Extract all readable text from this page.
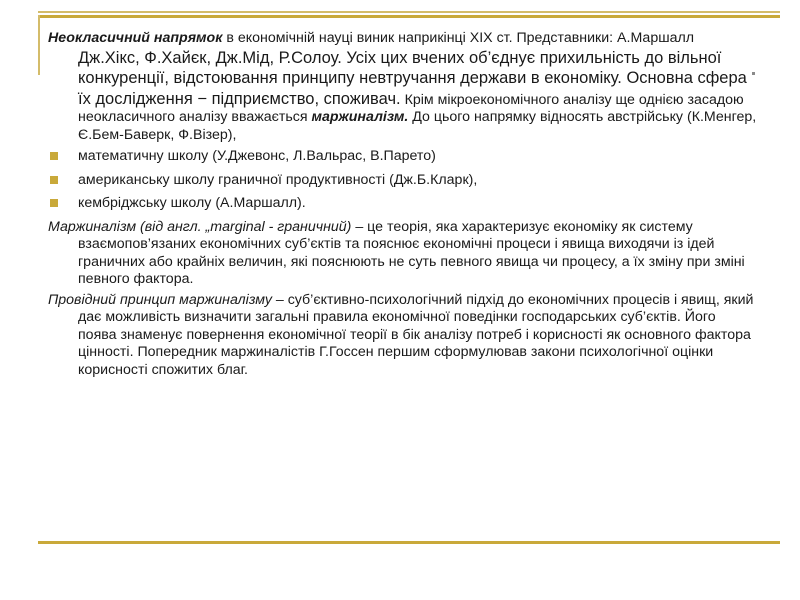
Неокласичний напрямок в економічній науці виник наприкінці XIX ст. Представники: А.Маршалл Дж.Хікс, Ф.Хайєк, Дж.Мід, Р.Солоу. Усіх цих вчених об’єднує прихильність до вільної конкуренції, відстоювання принципу невтручання держави в економіку. Основна сфера їх дослідження − підприємство, споживач. Крім мікроекономічного аналізу ще однією засадою неокласичного аналізу вважається маржиналізм. До цього напрямку відносять австрійську (К.Менгер, Є.Бем-Баверк, Ф.Візер),

математичну школу (У.Джевонс, Л.Вальрас, В.Парето)
американську школу граничної продуктивності (Дж.Б.Кларк),
кембріджську школу (А.Маршалл).

Маржиналізм (від англ. „marginal - граничний) – це теорія, яка характеризує економіку як систему взаємопов’язаних економічних суб’єктів та пояснює економічні процеси і явища виходячи із ідей граничних або крайніх величин, які пояснюють не суть певного явища чи процесу, а їх зміну при зміні певного фактора.

Провідний принцип маржиналізму – суб’єктивно-психологічний підхід до економічних процесів і явищ, який дає можливість визначити загальні правила економічної поведінки господарських суб’єктів. Його поява знаменує повернення економічної теорії в бік аналізу потреб і корисності як основного фактора цінності. Попередник маржиналістів Г.Госсен першим сформулював закони психологічної оцінки корисності спожитих благ.
